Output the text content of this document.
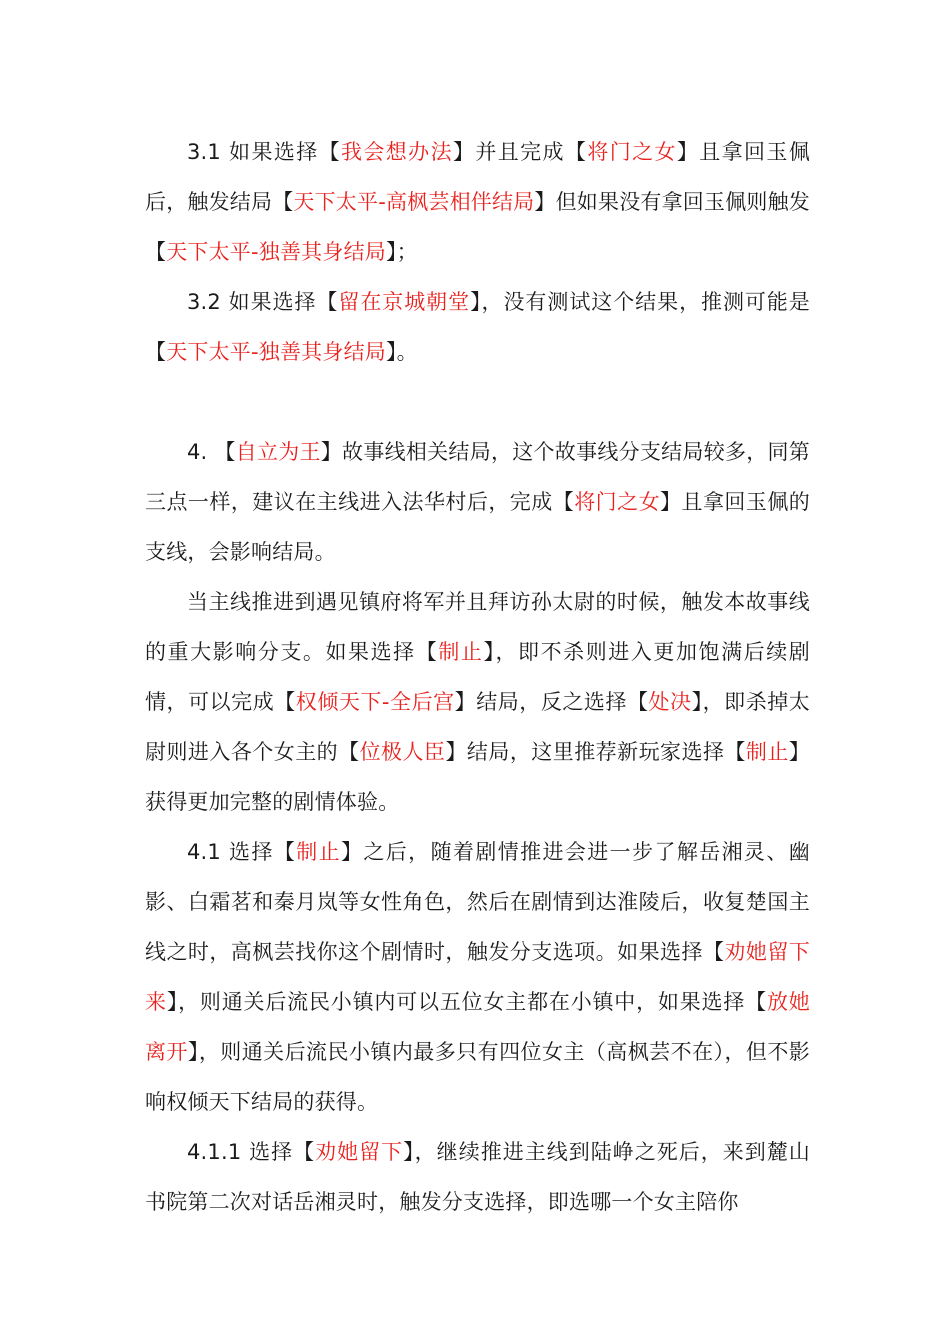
3.1 如果选择【我会想办法】并且完成【将门之女】且拿回玉佩后，触发结局【天下太平-高枫芸相伴结局】但如果没有拿回玉佩则触发【天下太平-独善其身结局】；

3.2 如果选择【留在京城朝堂】，没有测试这个结果，推测可能是【天下太平-独善其身结局】。

4. 【自立为王】故事线相关结局，这个故事线分支结局较多，同第三点一样，建议在主线进入法华村后，完成【将门之女】且拿回玉佩的支线，会影响结局。

当主线推进到遇见镇府将军并且拜访孙太尉的时候，触发本故事线的重大影响分支。如果选择【制止】，即不杀则进入更加饱满后续剧情，可以完成【权倾天下-全后宫】结局，反之选择【处决】，即杀掉太尉则进入各个女主的【位极人臣】结局，这里推荐新玩家选择【制止】获得更加完整的剧情体验。

4.1 选择【制止】之后，随着剧情推进会进一步了解岳湘灵、幽影、白霜茗和秦月岚等女性角色，然后在剧情到达淮陵后，收复楚国主线之时，高枫芸找你这个剧情时，触发分支选项。如果选择【劝她留下来】，则通关后流民小镇内可以五位女主都在小镇中，如果选择【放她离开】，则通关后流民小镇内最多只有四位女主（高枫芸不在），但不影响权倾天下结局的获得。

4.1.1 选择【劝她留下】，继续推进主线到陆峥之死后，来到麓山书院第二次对话岳湘灵时，触发分支选择，即选哪一个女主陪你
